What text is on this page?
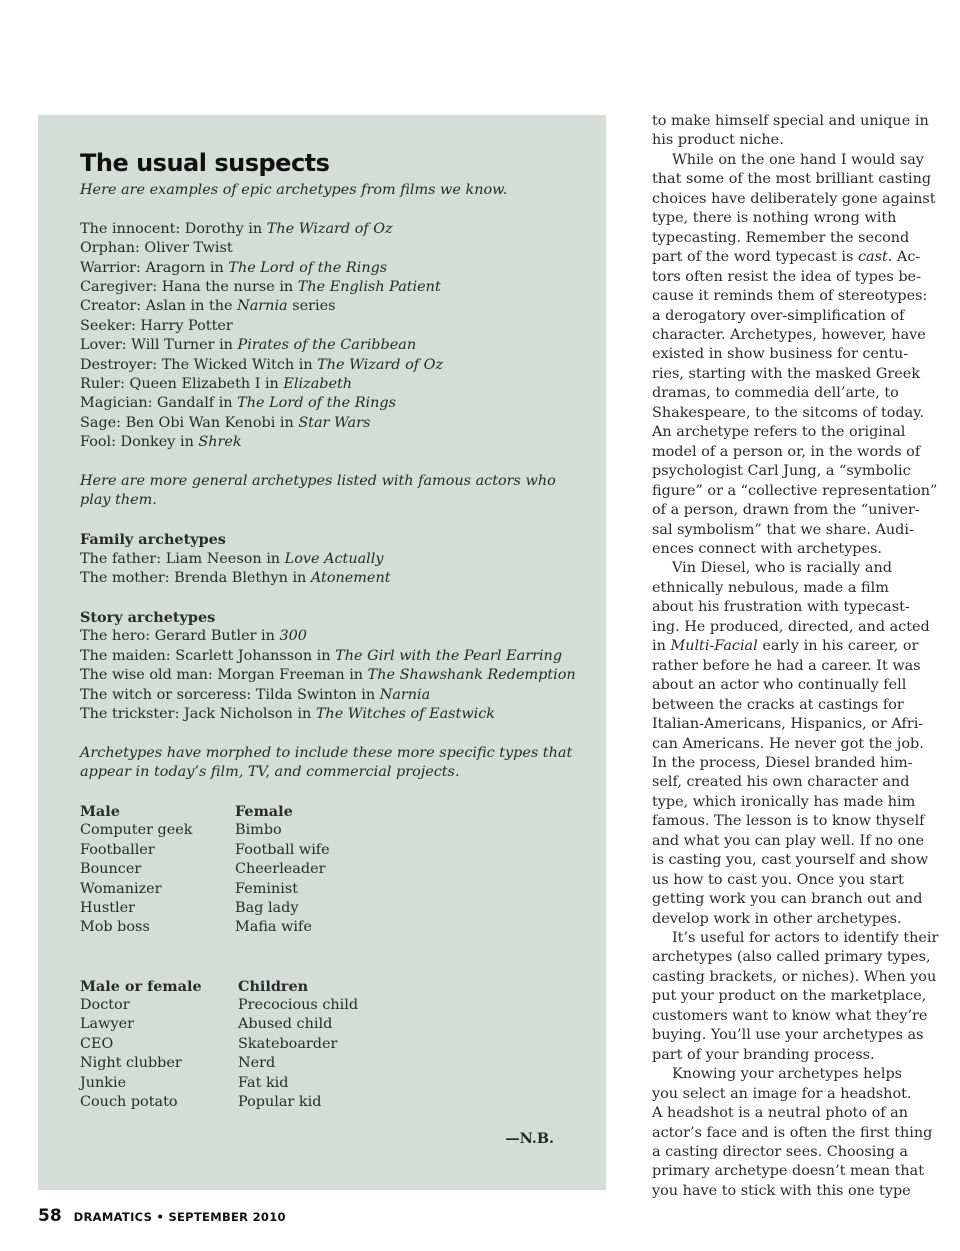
The usual suspects
Here are examples of epic archetypes from films we know.
The innocent: Dorothy in The Wizard of Oz
Orphan: Oliver Twist
Warrior: Aragorn in The Lord of the Rings
Caregiver: Hana the nurse in The English Patient
Creator: Aslan in the Narnia series
Seeker: Harry Potter
Lover: Will Turner in Pirates of the Caribbean
Destroyer: The Wicked Witch in The Wizard of Oz
Ruler: Queen Elizabeth I in Elizabeth
Magician: Gandalf in The Lord of the Rings
Sage: Ben Obi Wan Kenobi in Star Wars
Fool: Donkey in Shrek
Here are more general archetypes listed with famous actors who
play them.
Family archetypes
The father: Liam Neeson in Love Actually
The mother: Brenda Blethyn in Atonement
Story archetypes
The hero: Gerard Butler in 300
The maiden: Scarlett Johansson in The Girl with the Pearl Earring
The wise old man: Morgan Freeman in The Shawshank Redemption
The witch or sorceress: Tilda Swinton in Narnia
The trickster: Jack Nicholson in The Witches of Eastwick
Archetypes have morphed to include these more specific types that
appear in today’s film, TV, and commercial projects.
Male
Computer geek
Footballer
Bouncer
Womanizer
Hustler
Mob boss
Female
Bimbo
Football wife
Cheerleader
Feminist
Bag lady
Mafia wife
Male or female
Doctor
Lawyer
CEO
Night clubber
Junkie
Couch potato
Children
Precocious child
Abused child
Skateboarder
Nerd
Fat kid
Popular kid
—N.B.
to make himself special and unique in
his product niche.
While on the one hand I would say
that some of the most brilliant casting
choices have deliberately gone against
type, there is nothing wrong with
typecasting. Remember the second
part of the word typecast is cast. Ac-
tors often resist the idea of types be-
cause it reminds them of stereotypes:
a derogatory over-simplification of
character. Archetypes, however, have
existed in show business for centu-
ries, starting with the masked Greek
dramas, to commedia dell’arte, to
Shakespeare, to the sitcoms of today.
An archetype refers to the original
model of a person or, in the words of
psychologist Carl Jung, a “symbolic
figure” or a “collective representation”
of a person, drawn from the “univer-
sal symbolism” that we share. Audi-
ences connect with archetypes.
Vin Diesel, who is racially and
ethnically nebulous, made a film
about his frustration with typecast-
ing. He produced, directed, and acted
in Multi-Facial early in his career, or
rather before he had a career. It was
about an actor who continually fell
between the cracks at castings for
Italian-Americans, Hispanics, or Afri-
can Americans. He never got the job.
In the process, Diesel branded him-
self, created his own character and
type, which ironically has made him
famous. The lesson is to know thyself
and what you can play well. If no one
is casting you, cast yourself and show
us how to cast you. Once you start
getting work you can branch out and
develop work in other archetypes.
It’s useful for actors to identify their
archetypes (also called primary types,
casting brackets, or niches). When you
put your product on the marketplace,
customers want to know what they’re
buying. You’ll use your archetypes as
part of your branding process.
Knowing your archetypes helps
you select an image for a headshot.
A headshot is a neutral photo of an
actor’s face and is often the first thing
a casting director sees. Choosing a
primary archetype doesn’t mean that
you have to stick with this one type
58 DRAMATICS • SEPTEMBER 2010
